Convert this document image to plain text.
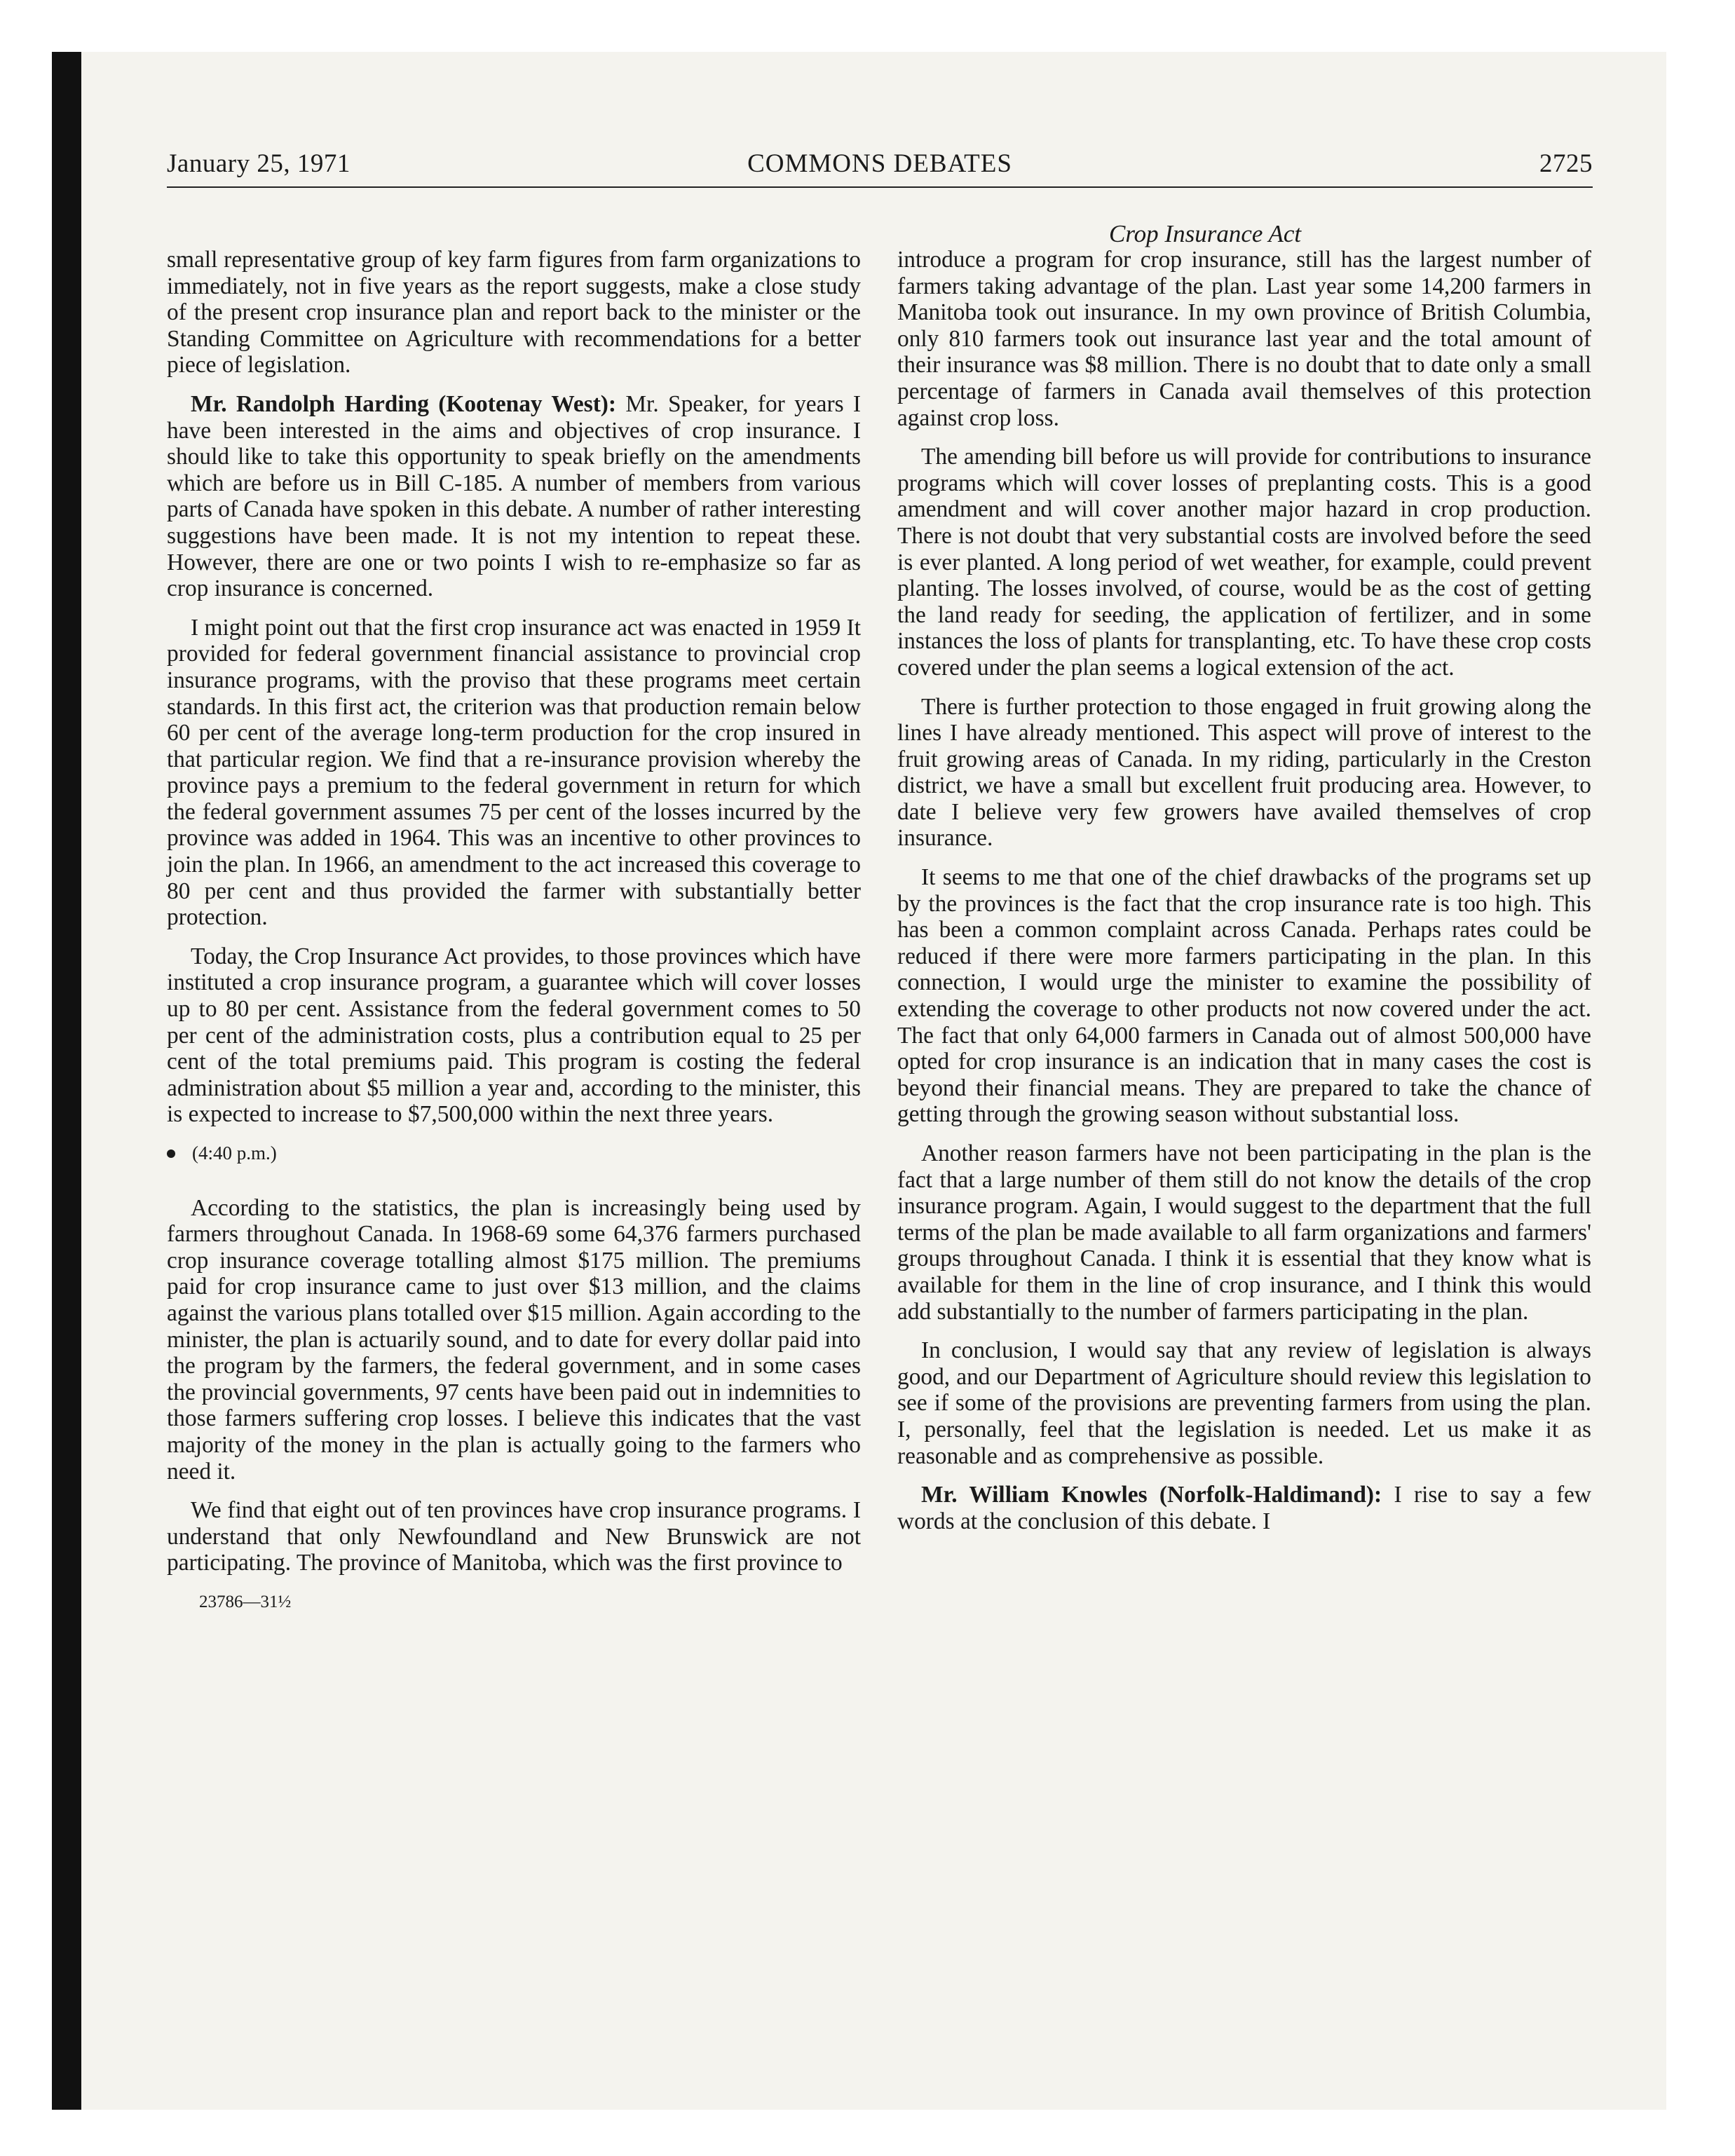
January 25, 1971	COMMONS DEBATES	2725
Crop Insurance Act

small representative group of key farm figures from farm organizations to immediately, not in five years as the report suggests, make a close study of the present crop insurance plan and report back to the minister or the Standing Committee on Agriculture with recommendations for a better piece of legislation.

Mr. Randolph Harding (Kootenay West): Mr. Speaker, for years I have been interested in the aims and objectives of crop insurance. I should like to take this opportunity to speak briefly on the amendments which are before us in Bill C-185. A number of members from various parts of Canada have spoken in this debate. A number of rather interesting suggestions have been made. It is not my intention to repeat these. However, there are one or two points I wish to re-emphasize so far as crop insurance is concerned.

I might point out that the first crop insurance act was enacted in 1959 It provided for federal government financial assistance to provincial crop insurance programs, with the proviso that these programs meet certain standards. In this first act, the criterion was that production remain below 60 per cent of the average long-term production for the crop insured in that particular region. We find that a re-insurance provision whereby the province pays a premium to the federal government in return for which the federal government assumes 75 per cent of the losses incurred by the province was added in 1964. This was an incentive to other provinces to join the plan. In 1966, an amendment to the act increased this coverage to 80 per cent and thus provided the farmer with substantially better protection.

Today, the Crop Insurance Act provides, to those provinces which have instituted a crop insurance program, a guarantee which will cover losses up to 80 per cent. Assistance from the federal government comes to 50 per cent of the administration costs, plus a contribution equal to 25 per cent of the total premiums paid. This program is costing the federal administration about $5 million a year and, according to the minister, this is expected to increase to $7,500,000 within the next three years.

(4:40 p.m.)

According to the statistics, the plan is increasingly being used by farmers throughout Canada. In 1968-69 some 64,376 farmers purchased crop insurance coverage totalling almost $175 million. The premiums paid for crop insurance came to just over $13 million, and the claims against the various plans totalled over $15 million. Again according to the minister, the plan is actuarily sound, and to date for every dollar paid into the program by the farmers, the federal government, and in some cases the provincial governments, 97 cents have been paid out in indemnities to those farmers suffering crop losses. I believe this indicates that the vast majority of the money in the plan is actually going to the farmers who need it.

We find that eight out of ten provinces have crop insurance programs. I understand that only Newfoundland and New Brunswick are not participating. The province of Manitoba, which was the first province to

23786—31½

introduce a program for crop insurance, still has the largest number of farmers taking advantage of the plan. Last year some 14,200 farmers in Manitoba took out insurance. In my own province of British Columbia, only 810 farmers took out insurance last year and the total amount of their insurance was $8 million. There is no doubt that to date only a small percentage of farmers in Canada avail themselves of this protection against crop loss.

The amending bill before us will provide for contributions to insurance programs which will cover losses of preplanting costs. This is a good amendment and will cover another major hazard in crop production. There is not doubt that very substantial costs are involved before the seed is ever planted. A long period of wet weather, for example, could prevent planting. The losses involved, of course, would be as the cost of getting the land ready for seeding, the application of fertilizer, and in some instances the loss of plants for transplanting, etc. To have these crop costs covered under the plan seems a logical extension of the act.

There is further protection to those engaged in fruit growing along the lines I have already mentioned. This aspect will prove of interest to the fruit growing areas of Canada. In my riding, particularly in the Creston district, we have a small but excellent fruit producing area. However, to date I believe very few growers have availed themselves of crop insurance.

It seems to me that one of the chief drawbacks of the programs set up by the provinces is the fact that the crop insurance rate is too high. This has been a common complaint across Canada. Perhaps rates could be reduced if there were more farmers participating in the plan. In this connection, I would urge the minister to examine the possibility of extending the coverage to other products not now covered under the act. The fact that only 64,000 farmers in Canada out of almost 500,000 have opted for crop insurance is an indication that in many cases the cost is beyond their financial means. They are prepared to take the chance of getting through the growing season without substantial loss.

Another reason farmers have not been participating in the plan is the fact that a large number of them still do not know the details of the crop insurance program. Again, I would suggest to the department that the full terms of the plan be made available to all farm organizations and farmers' groups throughout Canada. I think it is essential that they know what is available for them in the line of crop insurance, and I think this would add substantially to the number of farmers participating in the plan.

In conclusion, I would say that any review of legislation is always good, and our Department of Agriculture should review this legislation to see if some of the provisions are preventing farmers from using the plan. I, personally, feel that the legislation is needed. Let us make it as reasonable and as comprehensive as possible.

Mr. William Knowles (Norfolk-Haldimand): I rise to say a few words at the conclusion of this debate. I
